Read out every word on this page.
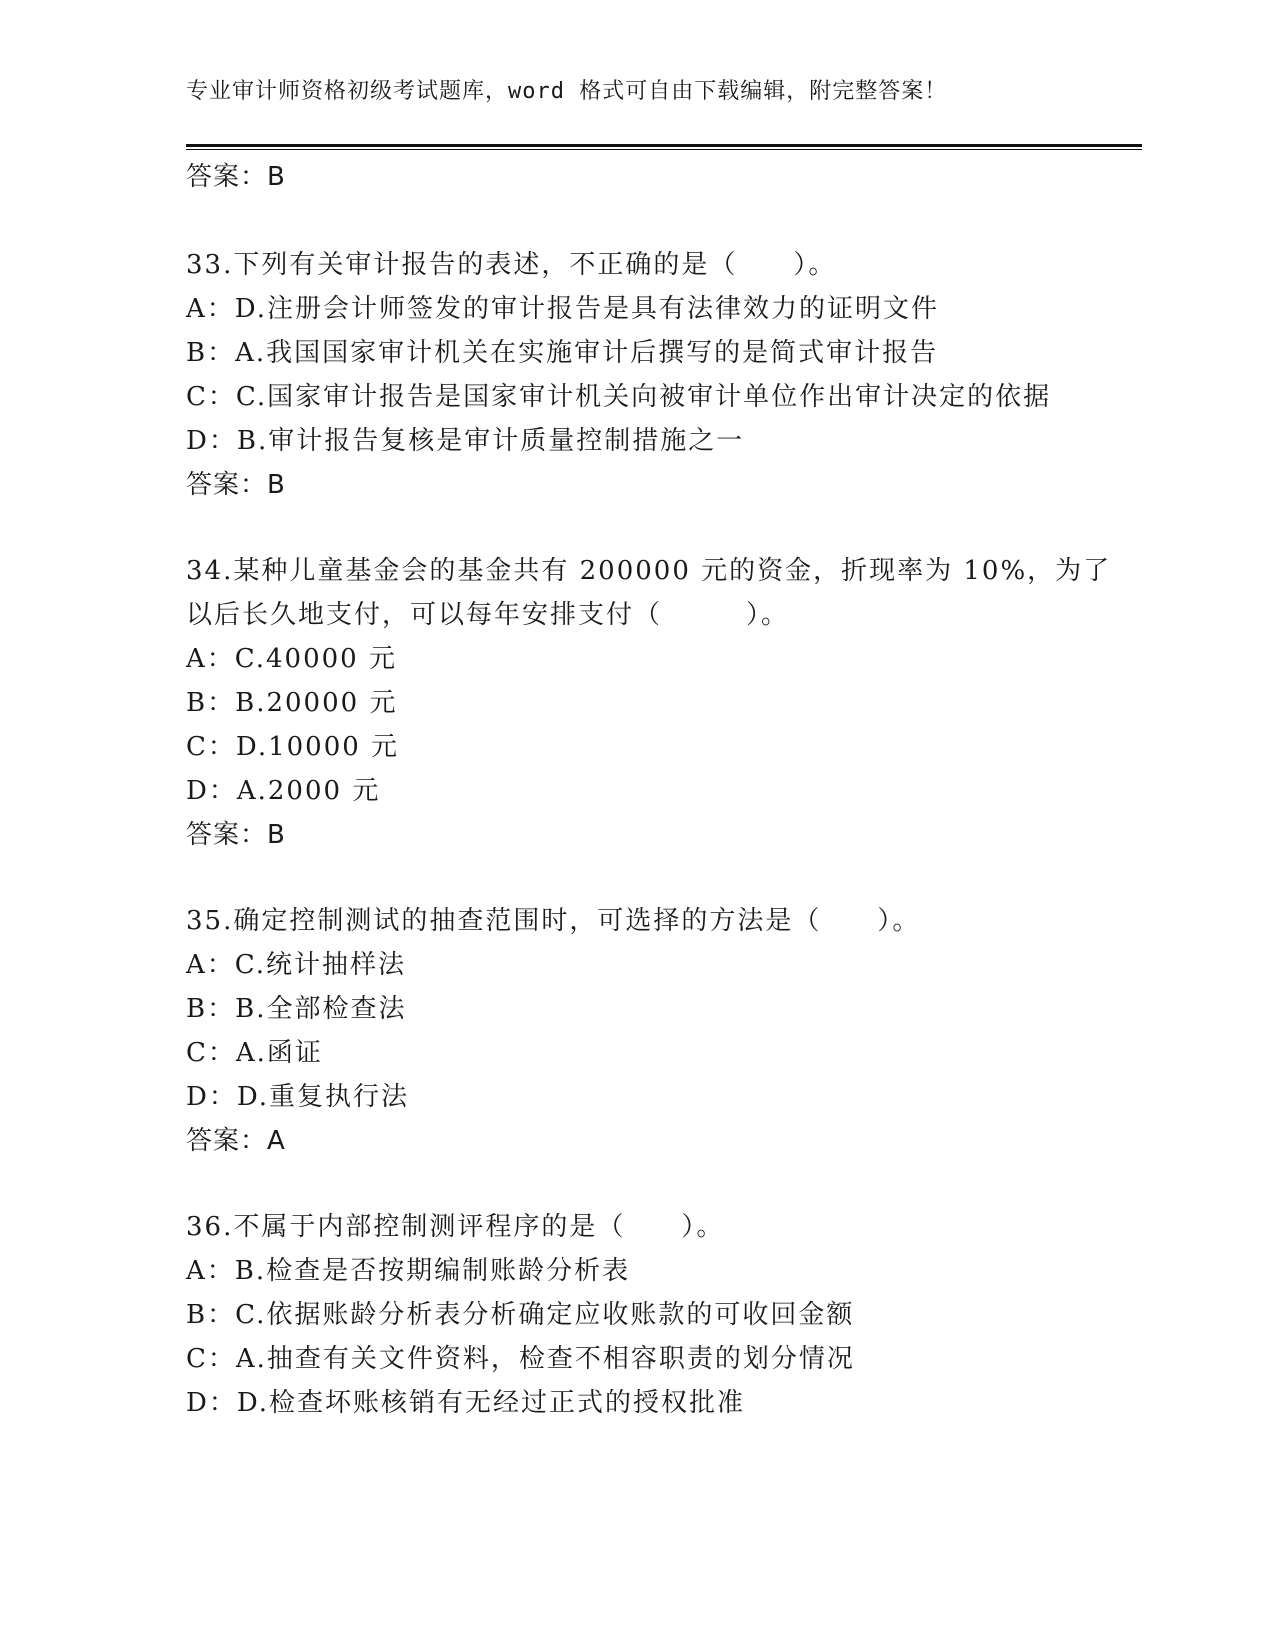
专业审计师资格初级考试题库，word 格式可自由下载编辑，附完整答案！
答案：B
33.下列有关审计报告的表述，不正确的是（　　）。
A：D.注册会计师签发的审计报告是具有法律效力的证明文件
B：A.我国国家审计机关在实施审计后撰写的是简式审计报告
C：C.国家审计报告是国家审计机关向被审计单位作出审计决定的依据
D：B.审计报告复核是审计质量控制措施之一
答案：B
34.某种儿童基金会的基金共有 200000 元的资金，折现率为 10%，为了
以后长久地支付，可以每年安排支付（　　　）。
A：C.40000 元
B：B.20000 元
C：D.10000 元
D：A.2000 元
答案：B
35.确定控制测试的抽查范围时，可选择的方法是（　　）。
A：C.统计抽样法
B：B.全部检查法
C：A.函证
D：D.重复执行法
答案：A
36.不属于内部控制测评程序的是（　　）。
A：B.检查是否按期编制账龄分析表
B：C.依据账龄分析表分析确定应收账款的可收回金额
C：A.抽查有关文件资料，检查不相容职责的划分情况
D：D.检查坏账核销有无经过正式的授权批准
